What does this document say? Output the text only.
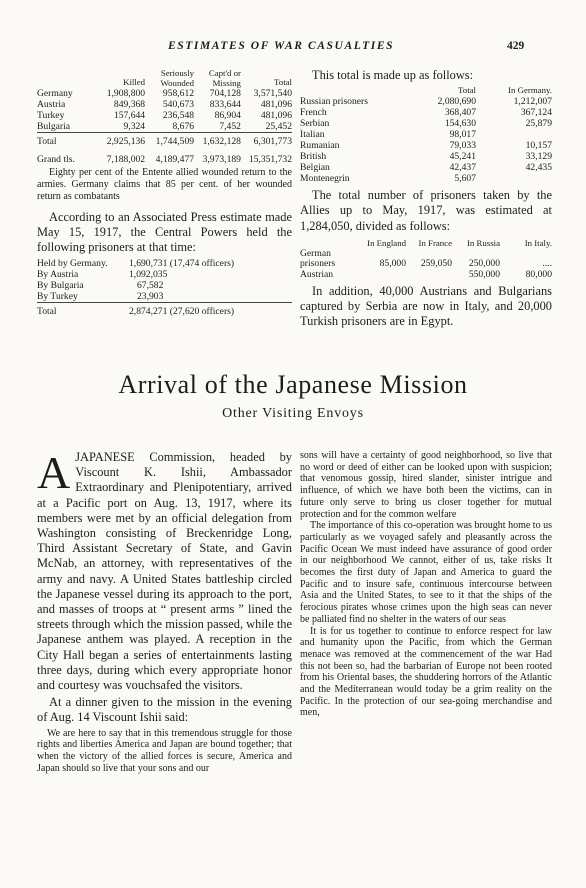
ESTIMATES OF WAR CASUALTIES	429
	Killed	Seriously Wounded	Capt'd or Missing	Total
Germany	1,908,800	958,612	704,128	3,571,540
Austria	849,368	540,673	833,644	481,096
Turkey	157,644	236,548	86,904	481,096
Bulgaria	9,324	8,676	7,452	25,452
Total	2,925,136	1,744,509	1,632,128	6,301,773
Grand tls.	7,188,002	4,189,477	3,973,189	15,351,732

Eighty per cent of the Entente allied wounded return to the armies. Germany claims that 85 per cent. of her wounded return as combatants

According to an Associated Press estimate made May 15, 1917, the Central Powers held the following prisoners at that time:

Held by Germany.	1,690,731 (17,474 officers)
By Austria	1,092,035
By Bulgaria	67,582
By Turkey	23,903
Total	2,874,271 (27,620 officers)

This total is made up as follows:

	Total	In Germany.
Russian prisoners	2,080,690	1,212,007
French	368,407	367,124
Serbian	154,630	25,879
Italian	98,017	
Rumanian	79,033	10,157
British	45,241	33,129
Belgian	42,437	42,435
Montenegrin	5,607	

The total number of prisoners taken by the Allies up to May, 1917, was estimated at 1,284,050, divided as follows:

	In England	In France	In Russia	In Italy.
German prisoners	85,000	259,050	250,000	....
Austrian			550,000	80,000

In addition, 40,000 Austrians and Bulgarians captured by Serbia are now in Italy, and 20,000 Turkish prisoners are in Egypt.

Arrival of the Japanese Mission
Other Visiting Envoys

AJAPANESE Commission, headed by Viscount K. Ishii, Ambassador Extraordinary and Plenipotentiary, arrived at a Pacific port on Aug. 13, 1917, where its members were met by an official delegation from Washington consisting of Breckenridge Long, Third Assistant Secretary of State, and Gavin McNab, an attorney, with representatives of the army and navy. A United States battleship circled the Japanese vessel during its approach to the port, and masses of troops at “ present arms ” lined the streets through which the mission passed, while the Japanese anthem was played. A reception in the City Hall began a series of entertainments lasting three days, during which every appropriate honor and courtesy was vouchsafed the visitors.

At a dinner given to the mission in the evening of Aug. 14 Viscount Ishii said:

We are here to say that in this tremendous struggle for those rights and liberties America and Japan are bound together; that when the victory of the allied forces is secure, America and Japan should so live that your sons and our

sons will have a certainty of good neighborhood, so live that no word or deed of either can be looked upon with suspicion; that venomous gossip, hired slander, sinister intrigue and influence, of which we have both been the victims, can in future only serve to bring us closer together for mutual protection and for the common welfare

The importance of this co-operation was brought home to us particularly as we voyaged safely and pleasantly across the Pacific Ocean We must indeed have assurance of good order in our neighborhood We cannot, either of us, take risks It becomes the first duty of Japan and America to guard the Pacific and to insure safe, continuous intercourse between Asia and the United States, to see to it that the ships of the ferocious pirates whose crimes upon the high seas can never be palliated find no shelter in the waters of our seas

It is for us together to continue to enforce respect for law and humanity upon the Pacific, from which the German menace was removed at the commencement of the war Had this not been so, had the barbarian of Europe not been rooted from his Oriental bases, the shuddering horrors of the Atlantic and the Mediterranean would today be a grim reality on the Pacific. In the protection of our sea-going merchandise and men,
